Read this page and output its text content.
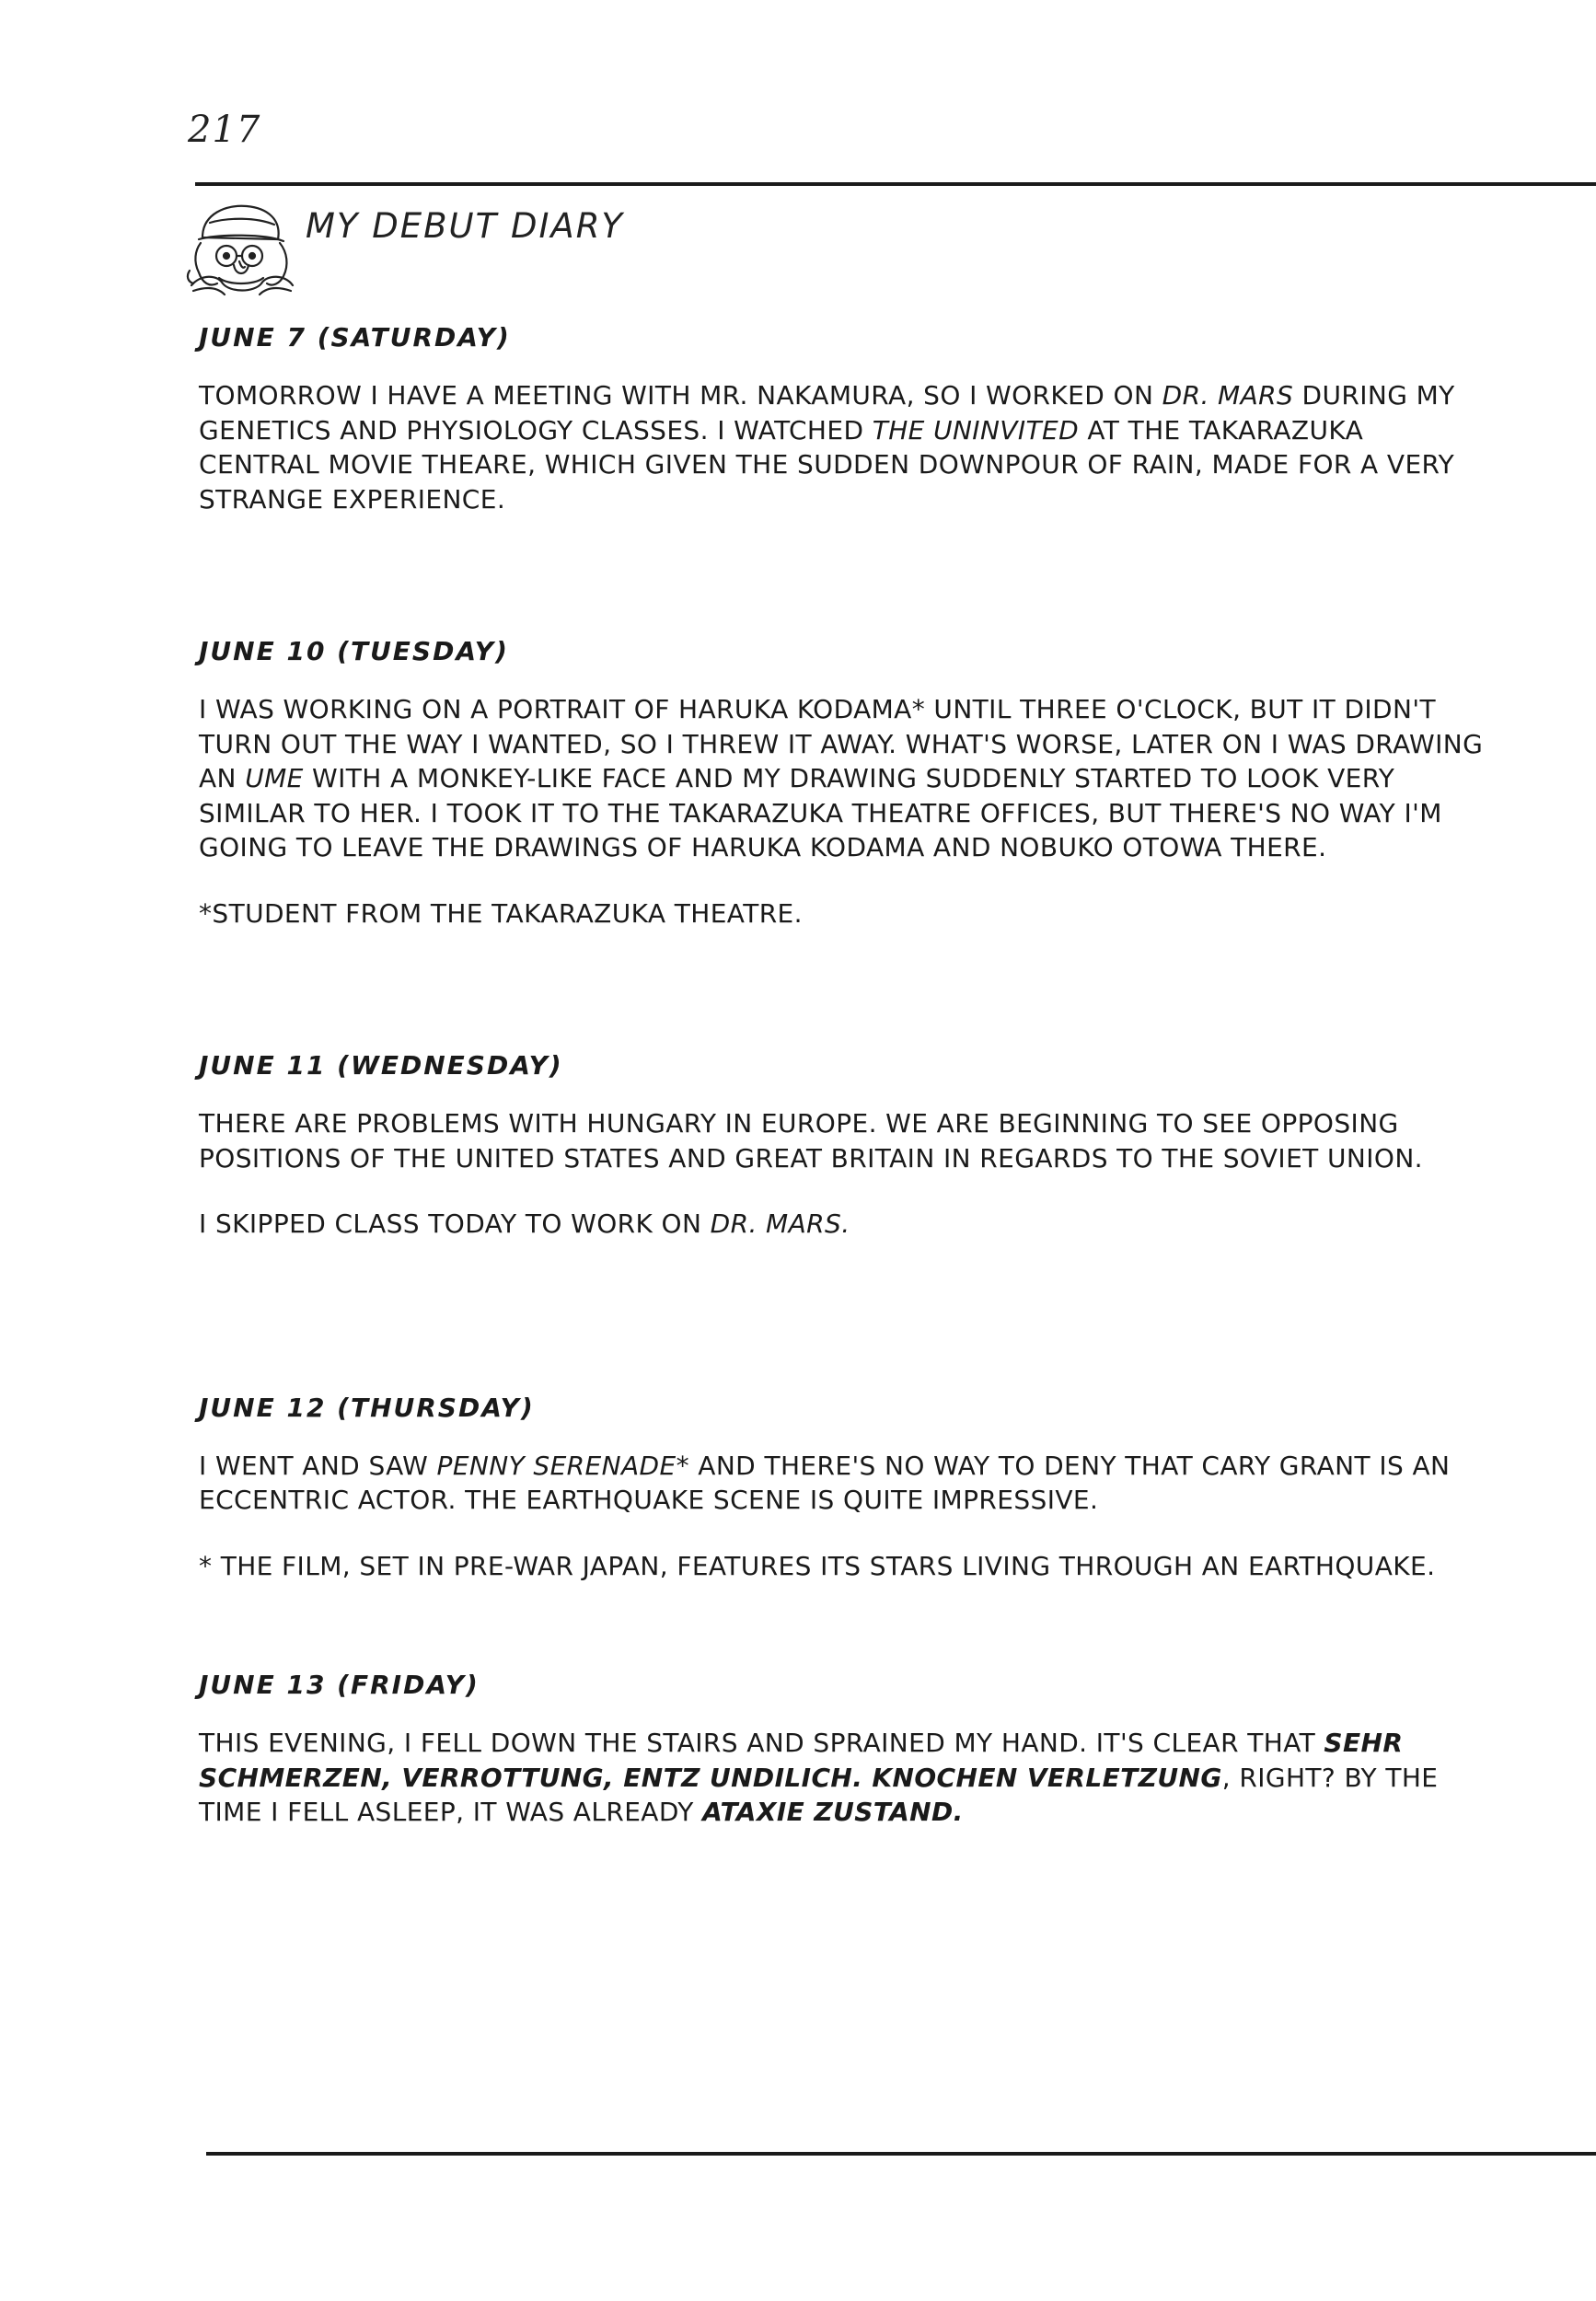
217
MY DEBUT DIARY
JUNE 7 (SATURDAY)
TOMORROW I HAVE A MEETING WITH MR. NAKAMURA, SO I WORKED ON DR. MARS DURING MY GENETICS AND PHYSIOLOGY CLASSES. I WATCHED THE UNINVITED AT THE TAKARAZUKA CENTRAL MOVIE THEARE, WHICH GIVEN THE SUDDEN DOWNPOUR OF RAIN, MADE FOR A VERY STRANGE EXPERIENCE.
JUNE 10 (TUESDAY)
I WAS WORKING ON A PORTRAIT OF HARUKA KODAMA* UNTIL THREE O'CLOCK, BUT IT DIDN'T TURN OUT THE WAY I WANTED, SO I THREW IT AWAY. WHAT'S WORSE, LATER ON I WAS DRAWING AN UME WITH A MONKEY-LIKE FACE AND MY DRAWING SUDDENLY STARTED TO LOOK VERY SIMILAR TO HER. I TOOK IT TO THE TAKARAZUKA THEATRE OFFICES, BUT THERE'S NO WAY I'M GOING TO LEAVE THE DRAWINGS OF HARUKA KODAMA AND NOBUKO OTOWA THERE.
*STUDENT FROM THE TAKARAZUKA THEATRE.
JUNE 11 (WEDNESDAY)
THERE ARE PROBLEMS WITH HUNGARY IN EUROPE. WE ARE BEGINNING TO SEE OPPOSING POSITIONS OF THE UNITED STATES AND GREAT BRITAIN IN REGARDS TO THE SOVIET UNION.
I SKIPPED CLASS TODAY TO WORK ON DR. MARS.
JUNE 12 (THURSDAY)
I WENT AND SAW PENNY SERENADE* AND THERE'S NO WAY TO DENY THAT CARY GRANT IS AN ECCENTRIC ACTOR. THE EARTHQUAKE SCENE IS QUITE IMPRESSIVE.
* THE FILM, SET IN PRE-WAR JAPAN, FEATURES ITS STARS LIVING THROUGH AN EARTHQUAKE.
JUNE 13 (FRIDAY)
THIS EVENING, I FELL DOWN THE STAIRS AND SPRAINED MY HAND. IT'S CLEAR THAT SEHR SCHMERZEN, VERROTTUNG, ENTZ UNDILICH. KNOCHEN VERLETZUNG, RIGHT? BY THE TIME I FELL ASLEEP, IT WAS ALREADY ATAXIE ZUSTAND.
